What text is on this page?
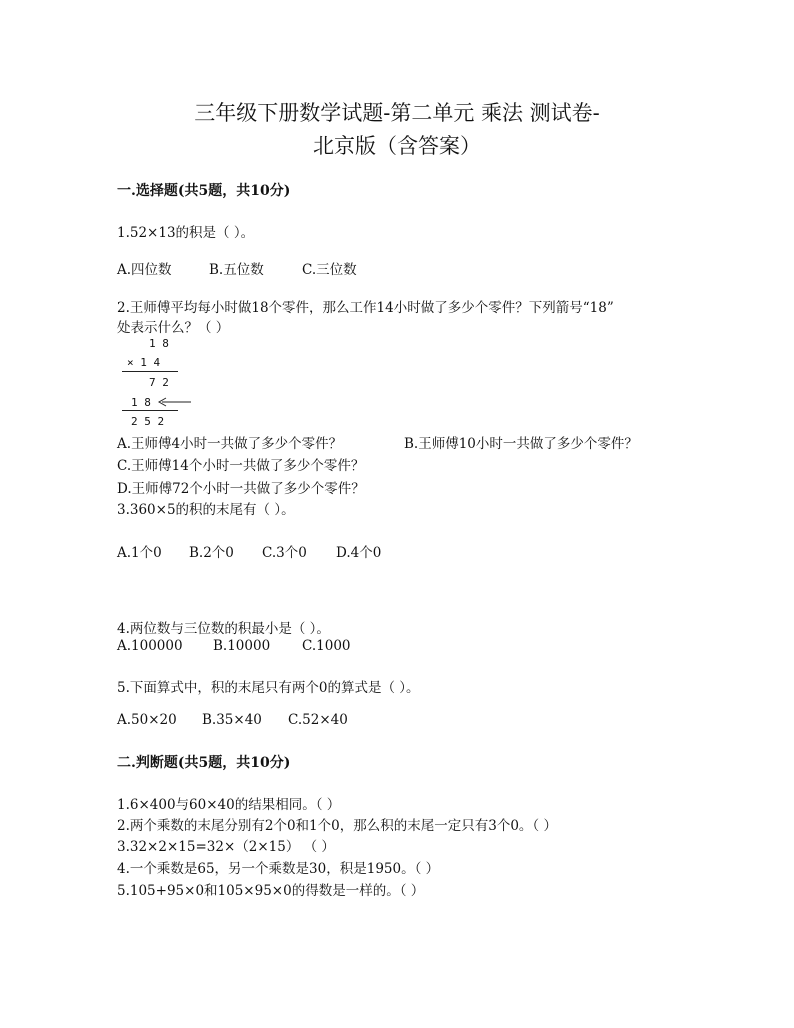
三年级下册数学试题-第二单元 乘法 测试卷-
北京版（含答案）
一.选择题(共5题，共10分)
1.52×13的积是（ ）。
A.四位数	B.五位数	C.三位数
2.王师傅平均每小时做18个零件，那么工作14小时做了多少个零件？下列箭号“18”
处表示什么？（ ）
1 8
× 1 4
7 2
1 8
2 5 2
A.王师傅4小时一共做了多少个零件？	B.王师傅10小时一共做了多少个零件？
C.王师傅14个小时一共做了多少个零件？
D.王师傅72个小时一共做了多少个零件？
3.360×5的积的末尾有（ ）。
A.1个0 B.2个0 C.3个0 D.4个0
4.两位数与三位数的积最小是（ ）。
A.100000 B.10000 C.1000
5.下面算式中，积的末尾只有两个0的算式是（ ）。
A.50×20 B.35×40 C.52×40
二.判断题(共5题，共10分)
1.6×400与60×40的结果相同。（ ）
2.两个乘数的末尾分别有2个0和1个0，那么积的末尾一定只有3个0。（ ）
3.32×2×15=32×（2×15） （ ）
4.一个乘数是65，另一个乘数是30，积是1950。（ ）
5.105+95×0和105×95×0的得数是一样的。（ ）
